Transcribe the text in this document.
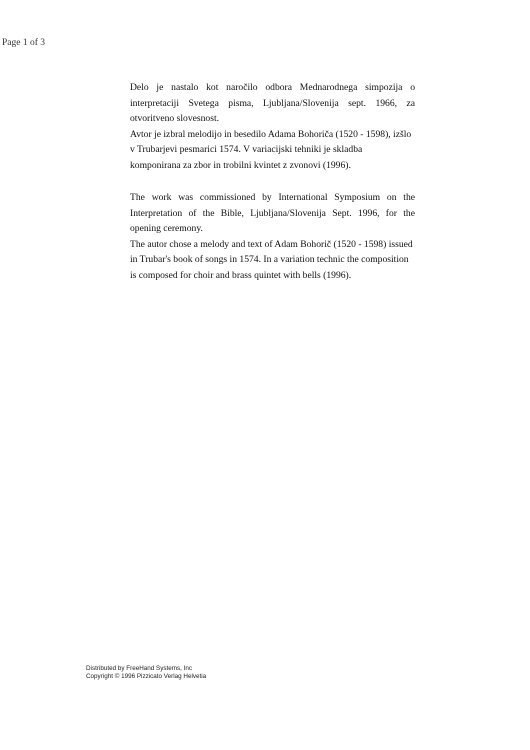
Page 1 of 3

Delo je nastalo kot naročilo odbora Mednarodnega simpozija o interpretaciji Svetega pisma, Ljubljana/Slovenija sept. 1966, za otvoritveno slovesnost.

Avtor je izbral melodijo in besedilo Adama Bohoriča (1520 - 1598), izšlo v Trubarjevi pesmarici 1574. V variacijski tehniki je skladba komponirana za zbor in trobilni kvintet z zvonovi (1996).

The work was commissioned by International Symposium on the Interpretation of the Bible, Ljubljana/Slovenija Sept. 1996, for the opening ceremony.

The autor chose a melody and text of Adam Bohorič (1520 - 1598) issued in Trubar's book of songs in 1574. In a variation technic the composition is composed for choir and brass quintet with bells (1996).

Distributed by FreeHand Systems, Inc
Copyright © 1996 Pizzicato Verlag Helvetia
